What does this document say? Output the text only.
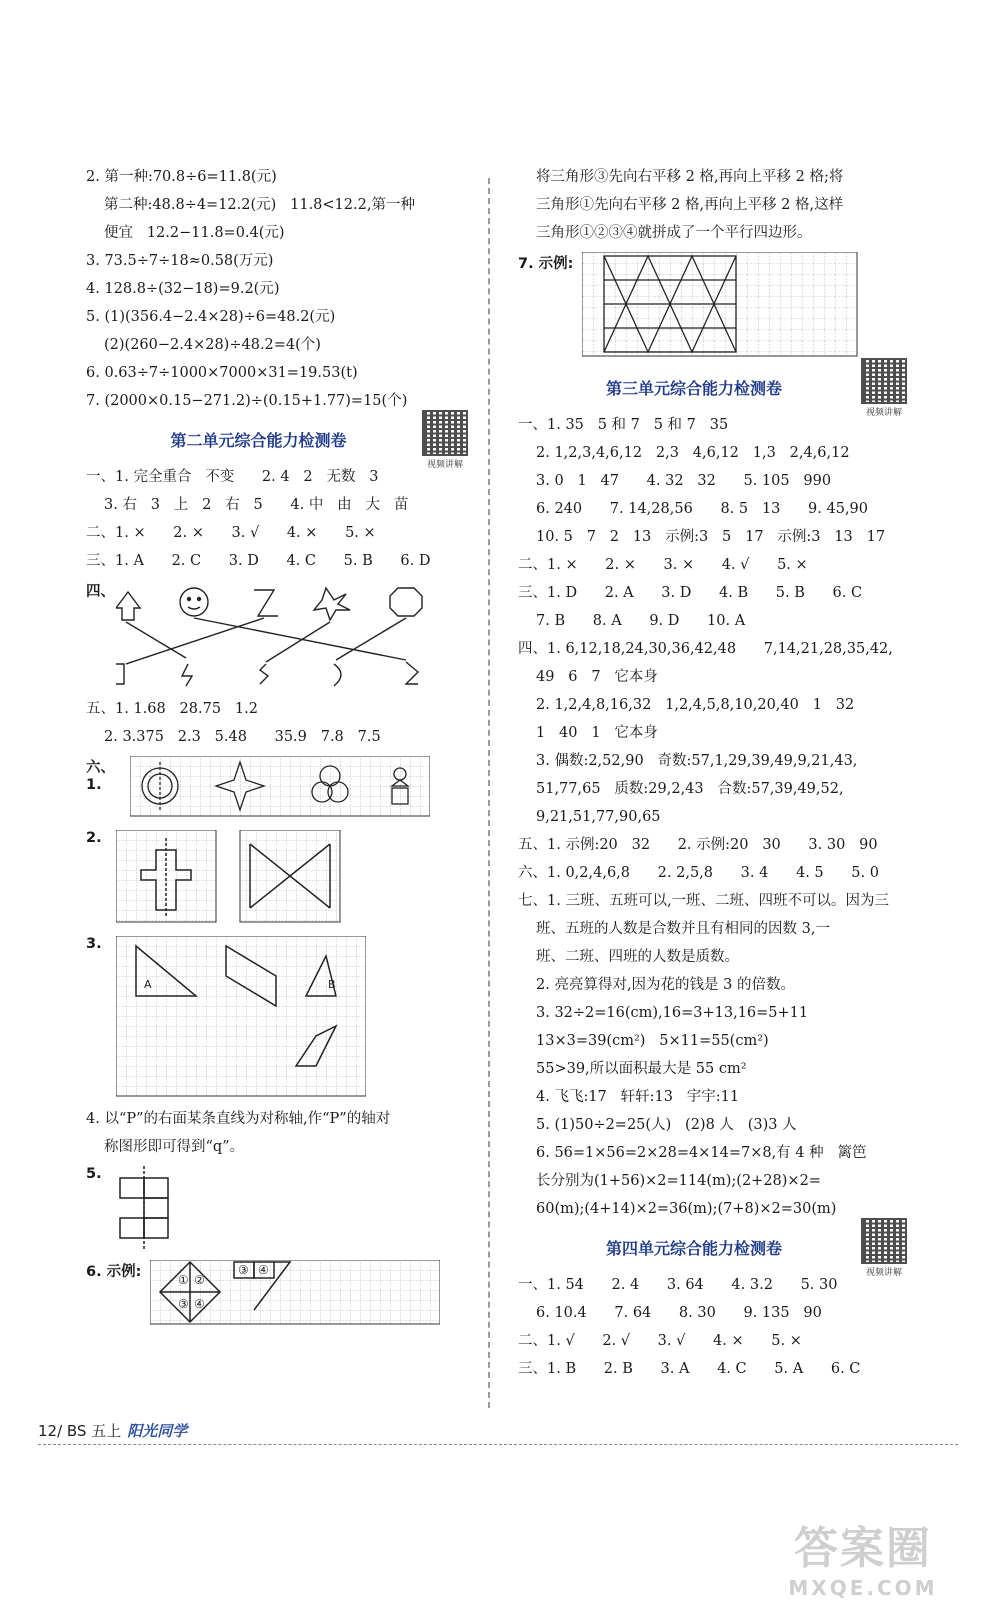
2. 第一种:70.8÷6=11.8(元)
第二种:48.8÷4=12.2(元)   11.8<12.2,第一种
便宜   12.2−11.8=0.4(元)
3. 73.5÷7÷18≈0.58(万元)
4. 128.8÷(32−18)=9.2(元)
5. (1)(356.4−2.4×28)÷6=48.2(元)
(2)(260−2.4×28)÷48.2=4(个)
6. 0.63÷7÷1000×7000×31=19.53(t)
7. (2000×0.15−271.2)÷(0.15+1.77)=15(个)
第二单元综合能力检测卷
视频讲解
一、1. 完全重合   不变      2. 4   2   无数   3
3. 右   3   上   2   右   5      4. 中   由   大   苗
二、1. ×      2. ×      3. √      4. ×      5. ×
三、1. A      2. C      3. D      4. C      5. B      6. D
四、
五、1. 1.68   28.75   1.2
2. 3.375   2.3   5.48      35.9   7.8   7.5
六、1.
2.
3.
A	B
4. 以“P”的右面某条直线为对称轴,作“P”的轴对
称图形即可得到“q”。
5.
6. 示例:	① ②
③ ④
③ ④
将三角形③先向右平移 2 格,再向上平移 2 格;将
三角形①先向右平移 2 格,再向上平移 2 格,这样
三角形①②③④就拼成了一个平行四边形。
7. 示例:
第三单元综合能力检测卷
视频讲解
一、1. 35   5 和 7   5 和 7   35
2. 1,2,3,4,6,12   2,3   4,6,12   1,3   2,4,6,12
3. 0   1   47      4. 32   32      5. 105   990
6. 240      7. 14,28,56      8. 5   13      9. 45,90
10. 5   7   2   13   示例:3   5   17   示例:3   13   17
二、1. ×      2. ×      3. ×      4. √      5. ×
三、1. D      2. A      3. D      4. B      5. B      6. C
7. B      8. A      9. D      10. A
四、1. 6,12,18,24,30,36,42,48      7,14,21,28,35,42,
49   6   7   它本身
2. 1,2,4,8,16,32   1,2,4,5,8,10,20,40   1   32
1   40   1   它本身
3. 偶数:2,52,90   奇数:57,1,29,39,49,9,21,43,
51,77,65   质数:29,2,43   合数:57,39,49,52,
9,21,51,77,90,65
五、1. 示例:20   32      2. 示例:20   30      3. 30   90
六、1. 0,2,4,6,8      2. 2,5,8      3. 4      4. 5      5. 0
七、1. 三班、五班可以,一班、二班、四班不可以。因为三
班、五班的人数是合数并且有相同的因数 3,一
班、二班、四班的人数是质数。
2. 亮亮算得对,因为花的钱是 3 的倍数。
3. 32÷2=16(cm),16=3+13,16=5+11
13×3=39(cm²)   5×11=55(cm²)
55>39,所以面积最大是 55 cm²
4. 飞飞:17   轩轩:13   宇宇:11
5. (1)50÷2=25(人)   (2)8 人   (3)3 人
6. 56=1×56=2×28=4×14=7×8,有 4 种   篱笆
长分别为(1+56)×2=114(m);(2+28)×2=
60(m);(4+14)×2=36(m);(7+8)×2=30(m)
第四单元综合能力检测卷
视频讲解
一、1. 54      2. 4      3. 64      4. 3.2      5. 30
6. 10.4      7. 64      8. 30      9. 135   90
二、1. √      2. √      3. √      4. ×      5. ×
三、1. B      2. B      3. A      4. C      5. A      6. C
12/ BS 五上 阳光同学
答案圈
MXQE.COM
